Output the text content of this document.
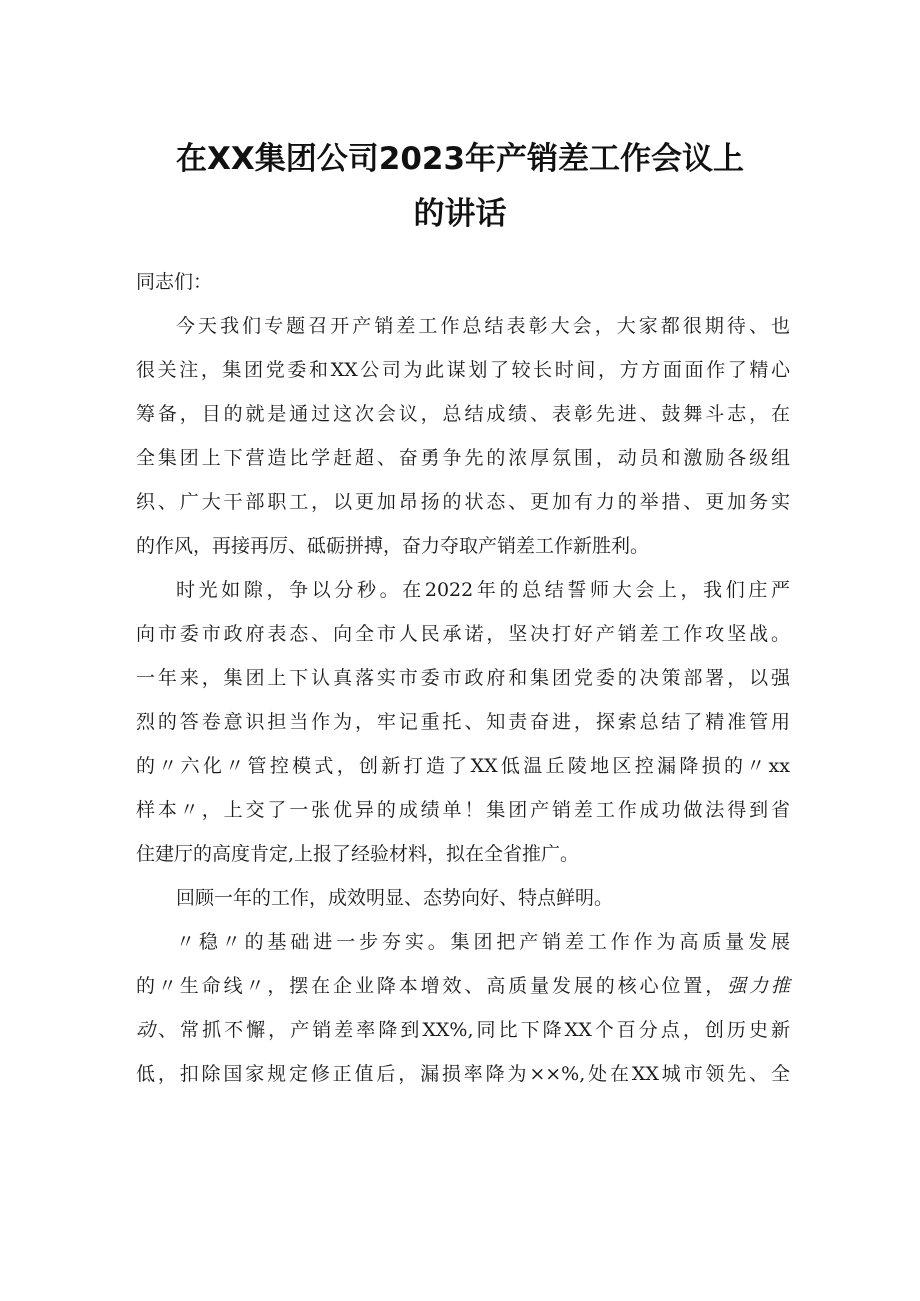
在XX集团公司2023年产销差工作会议上
的讲话
同志们：
今天我们专题召开产销差工作总结表彰大会，大家都很期待、也
很关注，集团党委和XX公司为此谋划了较长时间，方方面面作了精心
筹备，目的就是通过这次会议，总结成绩、表彰先进、鼓舞斗志，在
全集团上下营造比学赶超、奋勇争先的浓厚氛围，动员和激励各级组
织、广大干部职工，以更加昂扬的状态、更加有力的举措、更加务实
的作风，再接再厉、砥砺拼搏，奋力夺取产销差工作新胜利。
时光如隙，争以分秒。在2022年的总结誓师大会上，我们庄严
向市委市政府表态、向全市人民承诺，坚决打好产销差工作攻坚战。
一年来，集团上下认真落实市委市政府和集团党委的决策部署，以强
烈的答卷意识担当作为，牢记重托、知责奋进，探索总结了精准管用
的〃六化〃管控模式，创新打造了XX低温丘陵地区控漏降损的〃xx
样本〃，上交了一张优异的成绩单！集团产销差工作成功做法得到省
住建厅的高度肯定,上报了经验材料，拟在全省推广。
回顾一年的工作，成效明显、态势向好、特点鲜明。
〃稳〃的基础进一步夯实。集团把产销差工作作为高质量发展
的〃生命线〃，摆在企业降本增效、高质量发展的核心位置，强力推
动、常抓不懈，产销差率降到XX%,同比下降XX个百分点，创历史新
低，扣除国家规定修正值后，漏损率降为××%,处在XX城市领先、全
